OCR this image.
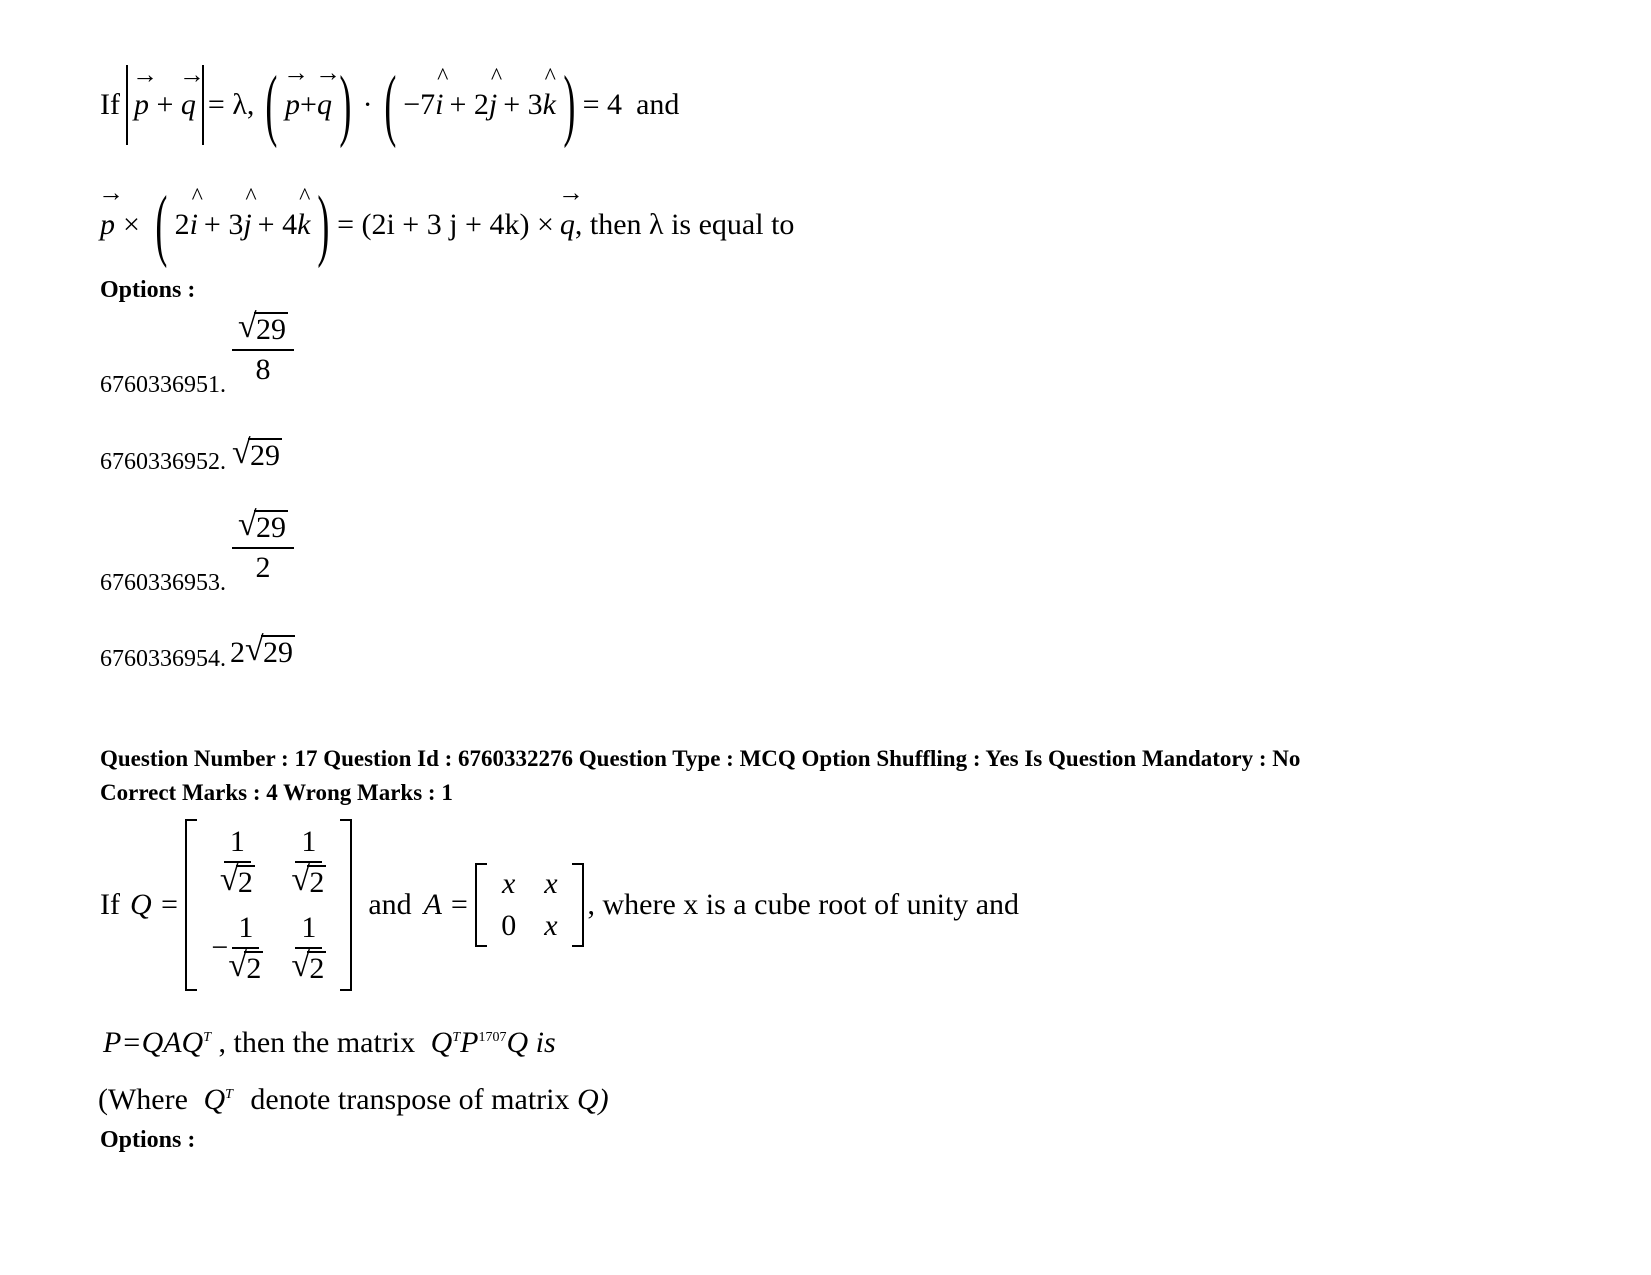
If → p + → q = λ, ( → p + → q ) · ( −7 ^ i + 2 ^ j + 3 ^ k ) = 4 and
→ p × ( 2 ^ i + 3 ^ j + 4 ^ k ) = (2i + 3 j + 4k) × → q , then λ is equal to
Options :
6760336951. $\frac{√ 29}{8}$
6760336952. √ 29
6760336953. $\frac{√ 29}{2}$
6760336954. 2 √ 29
Question Number : 17 Question Id : 6760332276 Question Type : MCQ Option Shuffling : Yes Is Question Mandatory : No
Correct Marks : 4 Wrong Marks : 1
If Q =
$\frac{1}{√ 2} \frac{1}{√ 2}$
− $\frac{1}{√ 2} \frac{1}{√ 2}$
and A =
x x
0 x
, where x is a cube root of unity and
$P=QAQ^T$ , then the matrix $Q^TP^{1707}Q$ is
(Where $Q^T$ denote transpose of matrix Q)
Options :
